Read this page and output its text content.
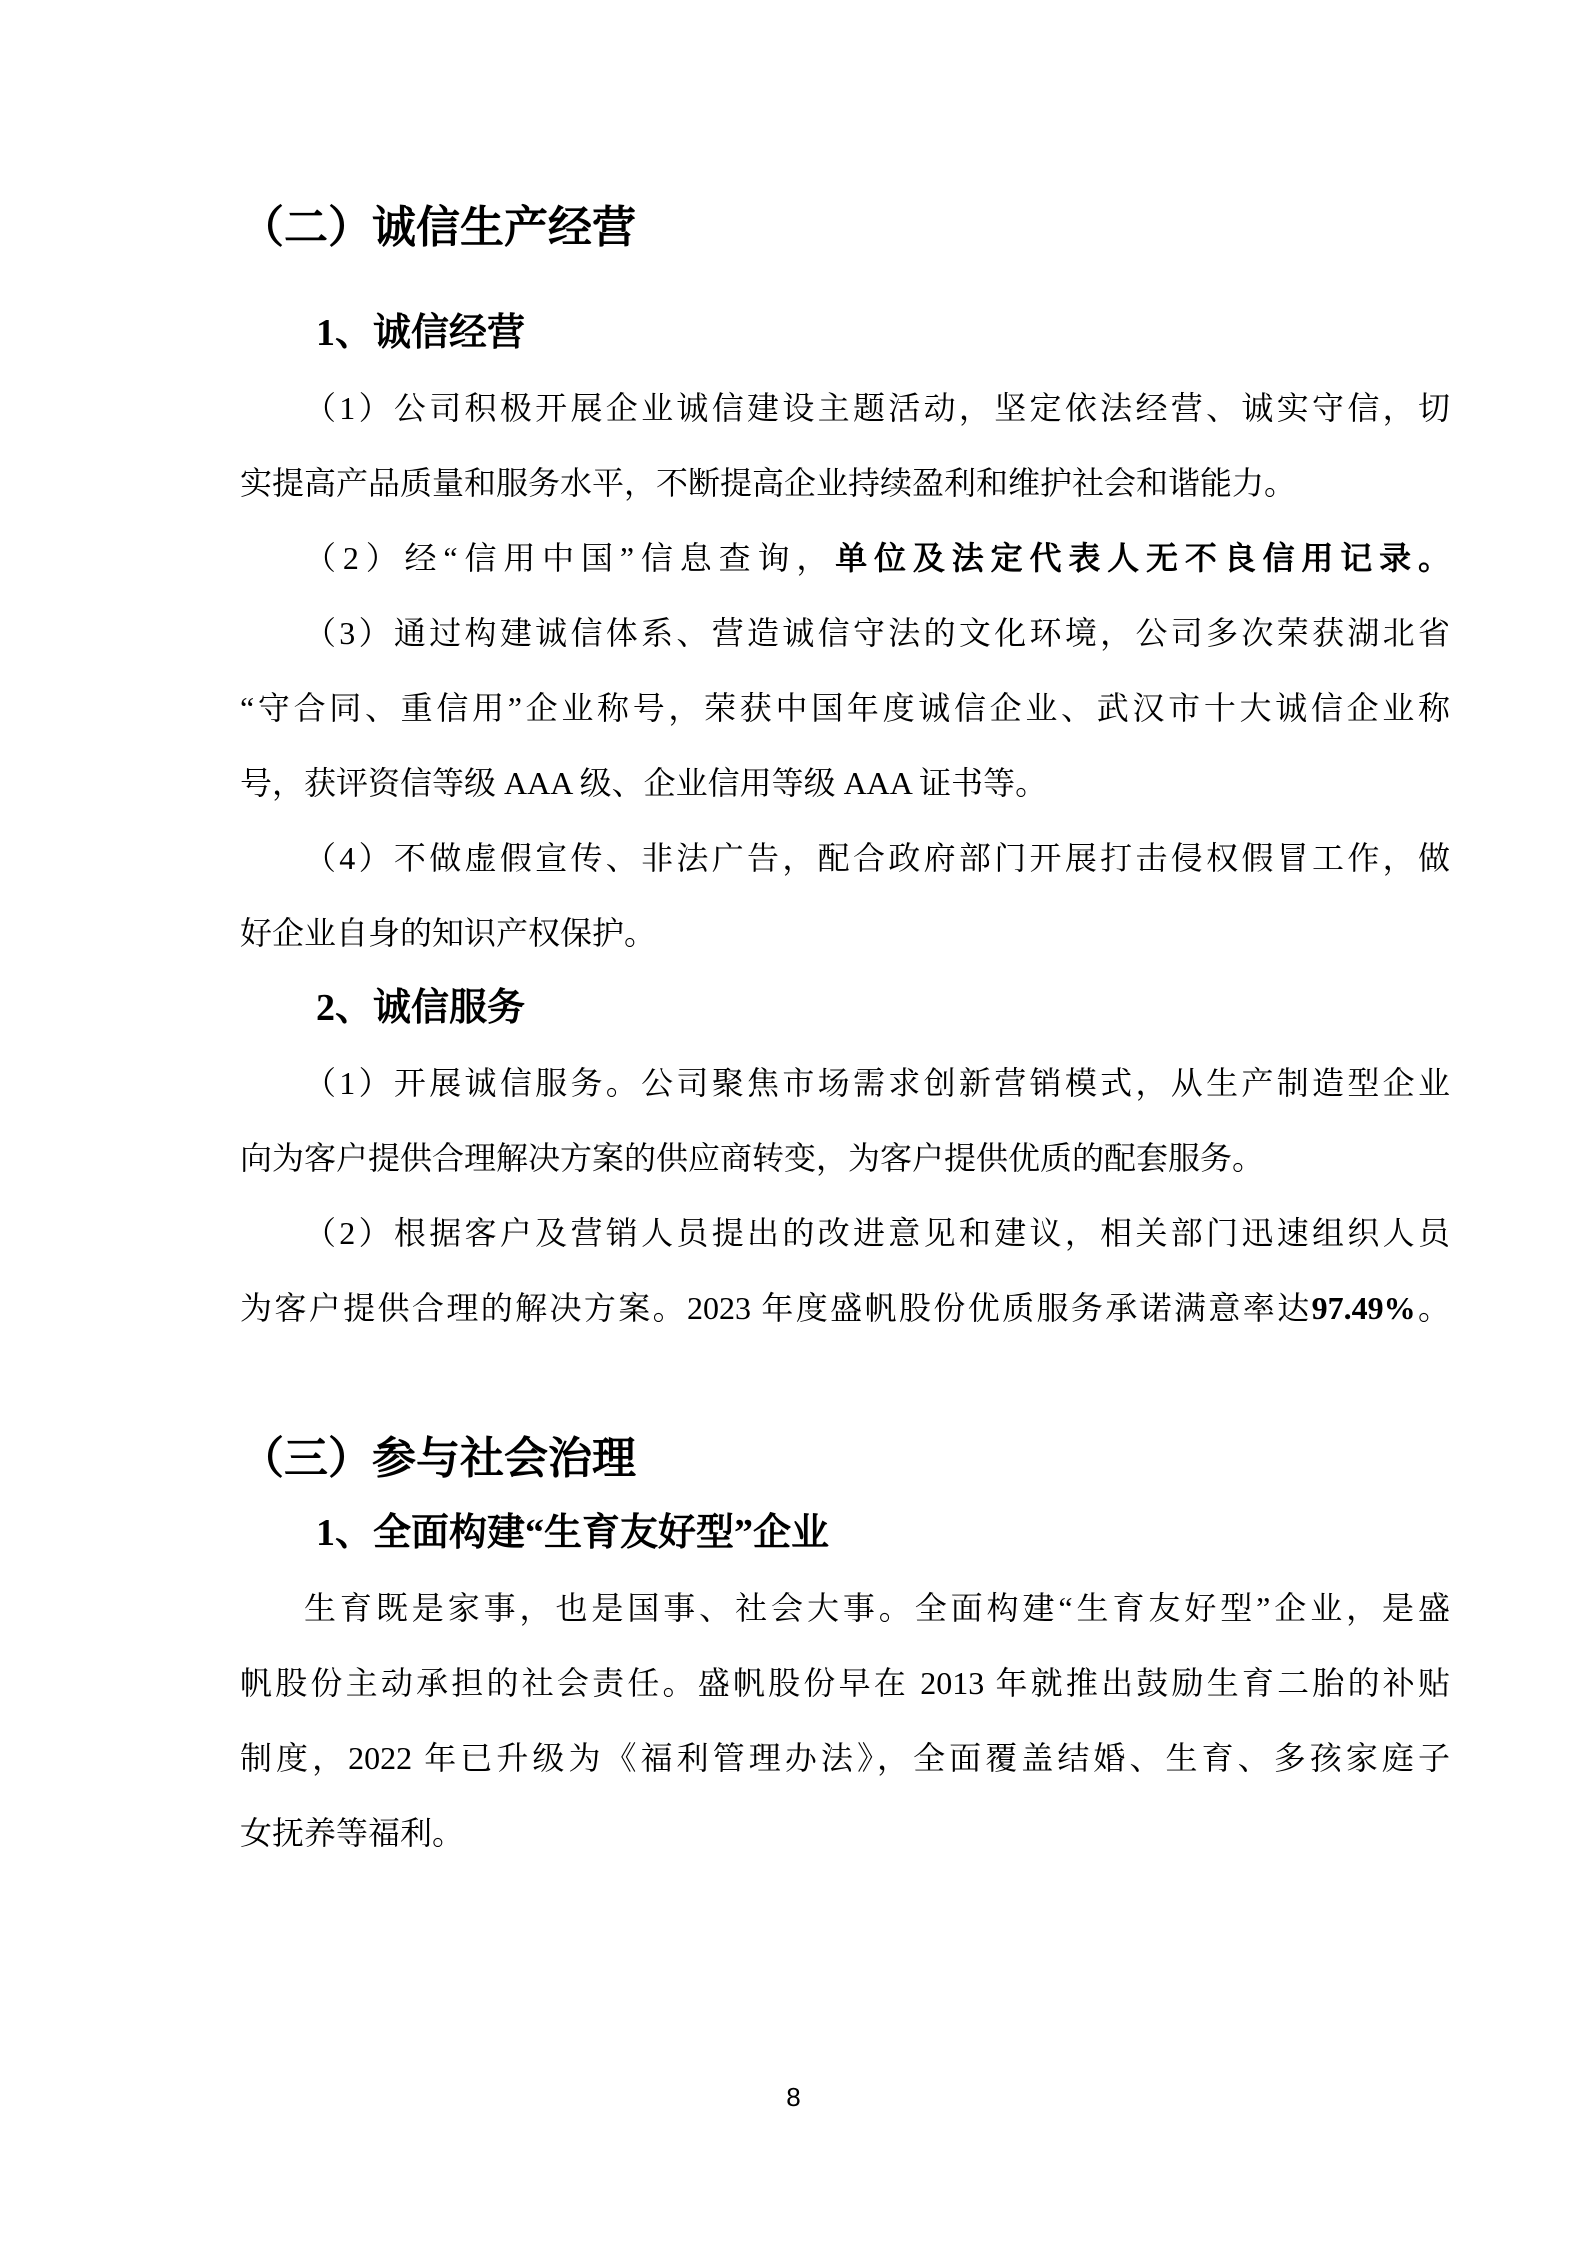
（二）诚信生产经营
1、诚信经营
（1）公司积极开展企业诚信建设主题活动，坚定依法经营、诚实守信，切
实提高产品质量和服务水平，不断提高企业持续盈利和维护社会和谐能力。
（2）经“信用中国”信息查询，单位及法定代表人无不良信用记录。
（3）通过构建诚信体系、营造诚信守法的文化环境，公司多次荣获湖北省
“守合同、重信用”企业称号，荣获中国年度诚信企业、武汉市十大诚信企业称
号，获评资信等级 AAA 级、企业信用等级 AAA 证书等。
（4）不做虚假宣传、非法广告，配合政府部门开展打击侵权假冒工作，做
好企业自身的知识产权保护。
2、诚信服务
（1）开展诚信服务。公司聚焦市场需求创新营销模式，从生产制造型企业
向为客户提供合理解决方案的供应商转变，为客户提供优质的配套服务。
（2）根据客户及营销人员提出的改进意见和建议，相关部门迅速组织人员
为客户提供合理的解决方案。2023 年度盛帆股份优质服务承诺满意率达97.49%。
（三）参与社会治理
1、全面构建“生育友好型”企业
生育既是家事，也是国事、社会大事。全面构建“生育友好型”企业，是盛
帆股份主动承担的社会责任。盛帆股份早在 2013 年就推出鼓励生育二胎的补贴
制度，2022 年已升级为《福利管理办法》，全面覆盖结婚、生育、多孩家庭子
女抚养等福利。
8
